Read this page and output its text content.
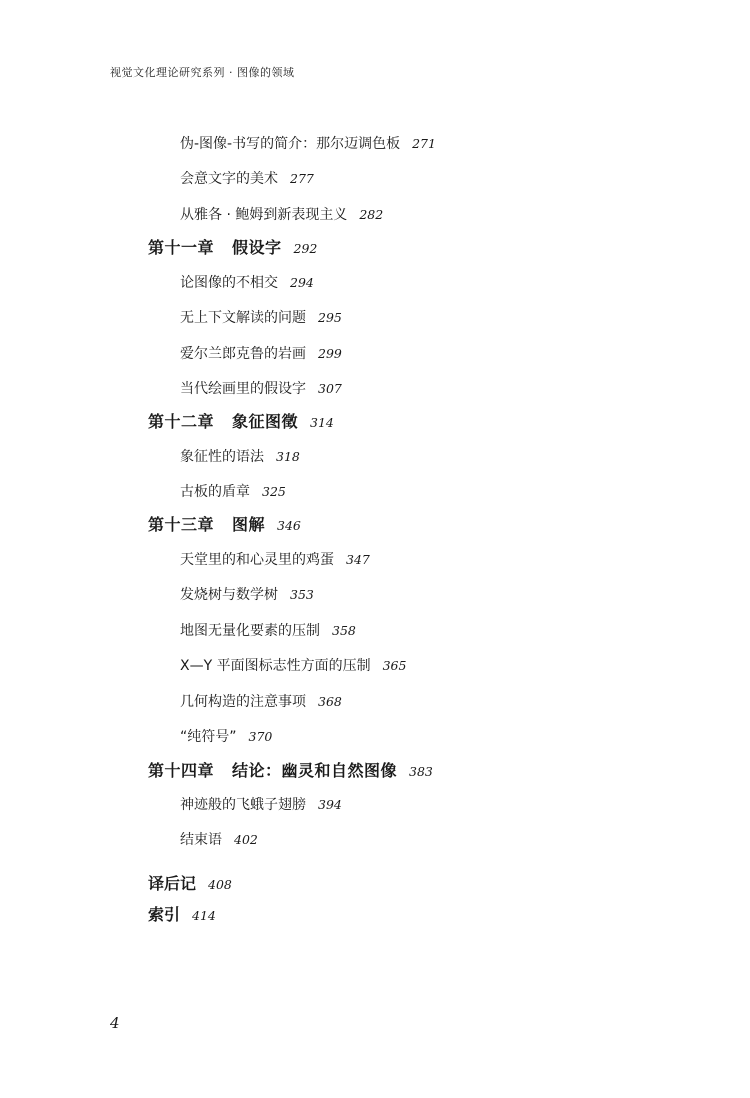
视觉文化理论研究系列 · 图像的领域
伪-图像-书写的简介：那尔迈调色板 271
会意文字的美术 277
从雅各 · 鲍姆到新表现主义 282
第十一章 假设字 292
论图像的不相交 294
无上下文解读的问题 295
爱尔兰郎克鲁的岩画 299
当代绘画里的假设字 307
第十二章 象征图徵 314
象征性的语法 318
古板的盾章 325
第十三章 图解 346
天堂里的和心灵里的鸡蛋 347
发烧树与数学树 353
地图无量化要素的压制 358
X—Y 平面图标志性方面的压制 365
几何构造的注意事项 368
“纯符号” 370
第十四章 结论：幽灵和自然图像 383
神迹般的飞蛾子翅膀 394
结束语 402
译后记 408
索引 414
4
